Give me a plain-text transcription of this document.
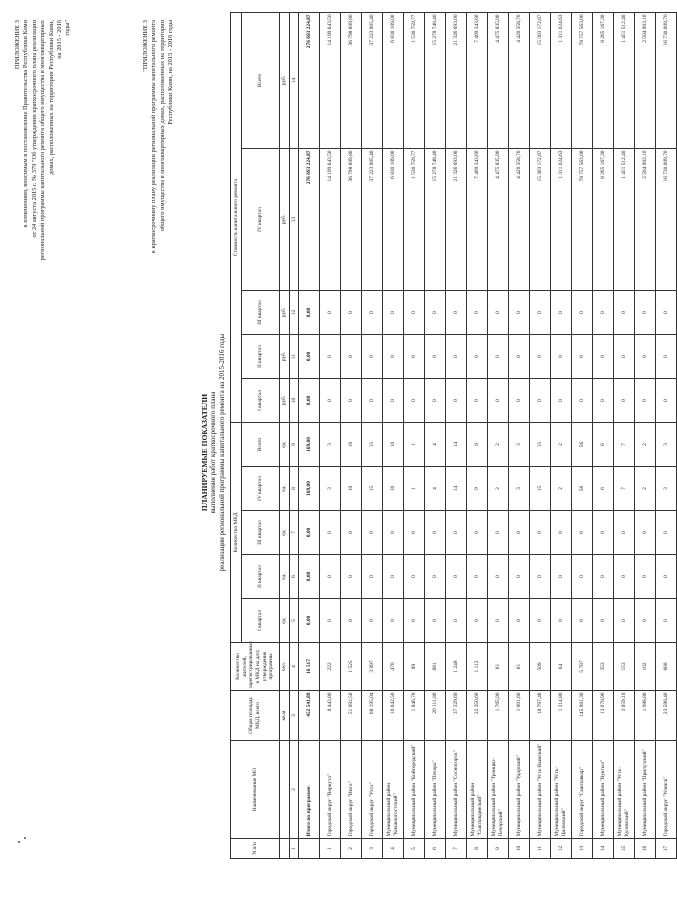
ПРИЛОЖЕНИЕ 3 к изменениям, вносимым в постановление Правительства Республики Коми от 24 августа 2015 г. № 379 "Об утверждении краткосрочного плана реализации региональной программы капитального ремонта общего имущества в многоквартирных домах, расположенных на территории Республики Коми, на 2015 - 2016 годы"	"ПРИЛОЖЕНИЕ 3 к краткосрочному плану реализации региональной программы капитального ремонта общего имущества в многоквартирных домах, расположенных на территории Республики Коми, на 2015 - 2016 годы
ПЛАНИРУЕМЫЕ ПОКАЗАТЕЛИ выполнения работ краткосрочного плана реализации региональной программы капитального ремонта на 2015-2016 годы
N п/п	Наименование МО	Общая площадь МКД, всего	Количество жителей, зарегистрированных в МКД на дату утверждения программы	Количество МКД					Стоимость капитального ремонта				
				I квартал	II квартал	III квартал	IV квартал	Всего	I квартал	II квартал	III квартал	IV квартал	Всего
		кв.м	чел.	ед.	ед.	ед.	ед.	ед.	руб.	руб.	руб.	руб.	руб.
1	2	3	4	5	6	7	8	9	10	11	12	13	14
	Итого по программе:	452 541,89	16 517	0,00	0,00	0,00	169,00	169,00	0,00	0,00	0,00	276 693 224,87	276 693 224,87
1	Городской округ "Воркута"	8 443,80	222	0	0	0	3	3	0	0	0	14 199 643,50	14 199 643,50
2	Городской округ "Инта"	51 092,50	1 525	0	0	0	10	10	0	0	0	36 798 609,80	36 798 609,80
3	Городской округ "Ухта"	68 195,04	3 097	0	0	0	15	15	0	0	0	37 223 005,40	37 223 005,40
4	Муниципальный район "Княжпогостский"	10 042,50	470	0	0	0	10	10	0	0	0	6 830 109,00	6 830 109,00
5	Муниципальный район "Койгородский"	1 840,70	89	0	0	0	1	1	0	0	0	1 530 759,77	1 530 759,77
6	Муниципальный район "Печора"	20 111,80	681	0	0	0	4	4	0	0	0	15 278 748,40	15 278 748,40
7	Муниципальный район "Сосногорск"	37 329,69	1 248	0	0	0	14	14	0	0	0	21 326 693,00	21 326 693,00
8	Муниципальный район "Сыктывдинский"	22 350,60	1 112	0	0	0	9	9	0	0	0	7 409 343,60	7 409 343,60
9	Муниципальный район "Троицко-Печорский"	1 765,90	61	0	0	0	2	2	0	0	0	4 475 835,90	4 475 835,90
10	Муниципальный район "Удорский"	1 001,60	61	0	0	0	3	3	0	0	0	4 420 358,70	4 420 358,70
11	Муниципальный район "Усть-Вымский"	18 797,46	509	0	0	0	15	15	0	0	0	15 303 172,87	15 303 172,87
12	Муниципальный район "Усть-Цилемский"	1 314,80	64	0	0	0	2	2	0	0	0	1 311 024,63	1 311 024,63
13	Городской округ "Сыктывкар"	145 981,30	5 787	0	0	0	56	56	0	0	0	78 757 563,00	78 757 563,00
14	Муниципальный район "Вуктыл"	13 078,90	353	0	0	0	6	6	0	0	0	8 265 167,30	8 265 167,30
15	Муниципальный район "Усть-Куломский"	3 059,10	153	0	0	0	7	7	0	0	0	1 451 512,40	1 451 512,40
16	Муниципальный район "Прилузский"	1 988,80	102	0	0	0	2	2	0	0	0	2 504 993,10	2 504 993,10
17	Городской округ "Усинск"	23 588,40	668	0	0	0	3	3	0	0	0	16 730 009,70	16 730 009,70
